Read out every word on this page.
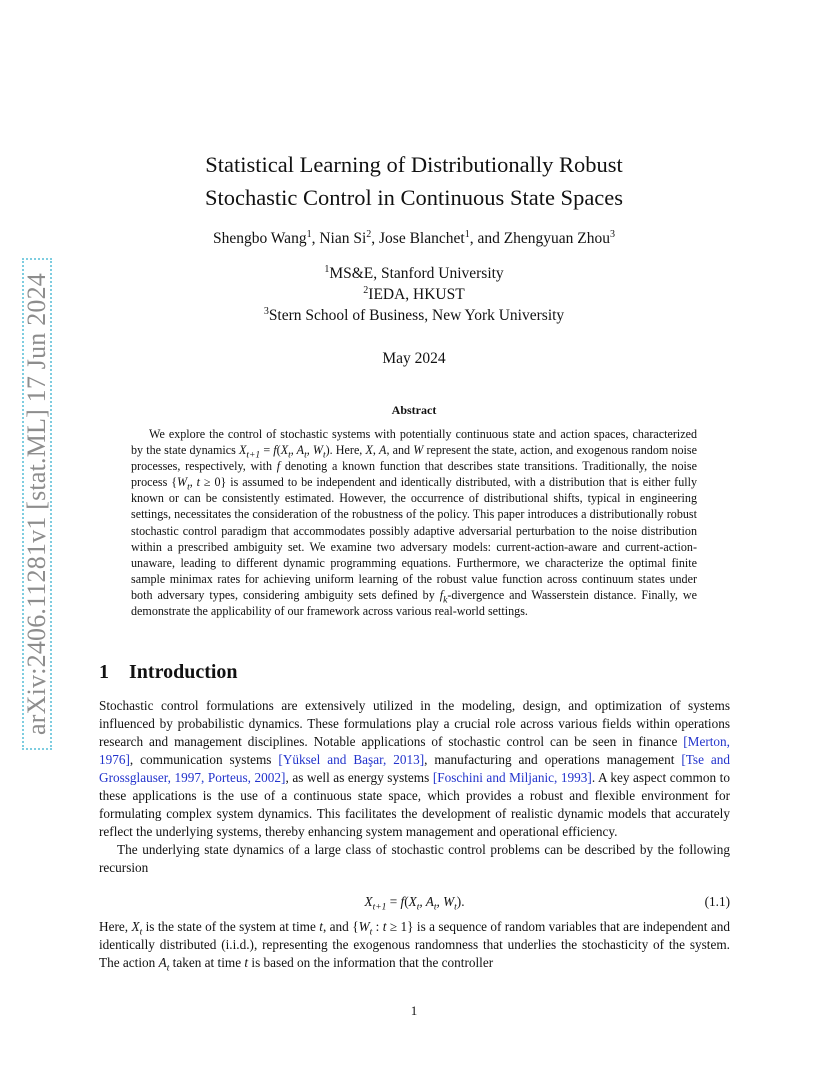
arXiv:2406.11281v1 [stat.ML] 17 Jun 2024
Statistical Learning of Distributionally Robust
Stochastic Control in Continuous State Spaces
Shengbo Wang$^1$, Nian Si$^2$, Jose Blanchet$^1$, and Zhengyuan Zhou$^3$
$^1$MS&E, Stanford University
$^2$IEDA, HKUST
$^3$Stern School of Business, New York University
May 2024
Abstract

We explore the control of stochastic systems with potentially continuous state and action spaces, characterized by the state dynamics $X_{t+1} = f(X_t$, $A_t$, $W_t$). Here, X, A, and W represent the state, action, and exogenous random noise processes, respectively, with f denoting a known function that describes state transitions. Traditionally, the noise process {$W_t$, t ≥ 0} is assumed to be independent and identically distributed, with a distribution that is either fully known or can be consistently estimated. However, the occurrence of distributional shifts, typical in engineering settings, necessitates the consideration of the robustness of the policy. This paper introduces a distributionally robust stochastic control paradigm that accommodates possibly adaptive adversarial perturbation to the noise distribution within a prescribed ambiguity set. We examine two adversary models: current-action-aware and current-action-unaware, leading to different dynamic programming equations. Furthermore, we characterize the optimal finite sample minimax rates for achieving uniform learning of the robust value function across continuum states under both adversary types, considering ambiguity sets defined by $f_k$-divergence and Wasserstein distance. Finally, we demonstrate the applicability of our framework across various real-world settings.

1 Introduction

Stochastic control formulations are extensively utilized in the modeling, design, and optimization of systems influenced by probabilistic dynamics. These formulations play a crucial role across various fields within operations research and management disciplines. Notable applications of stochastic control can be seen in finance [Merton, 1976], communication systems [Yüksel and Başar, 2013], manufacturing and operations management [Tse and Grossglauser, 1997, Porteus, 2002], as well as energy systems [Foschini and Miljanic, 1993]. A key aspect common to these applications is the use of a continuous state space, which provides a robust and flexible environment for formulating complex system dynamics. This facilitates the development of realistic dynamic models that accurately reflect the underlying systems, thereby enhancing system management and operational efficiency.

The underlying state dynamics of a large class of stochastic control problems can be described by the following recursion

$X_{t+1} = f(X_t$, $A_t$, $W_t$).	(1.1)

Here, $X_t$ is the state of the system at time t, and {$W_t$ : t ≥ 1} is a sequence of random variables that are independent and identically distributed (i.i.d.), representing the exogenous randomness that underlies the stochasticity of the system. The action $A_t$ taken at time t is based on the information that the controller

1
